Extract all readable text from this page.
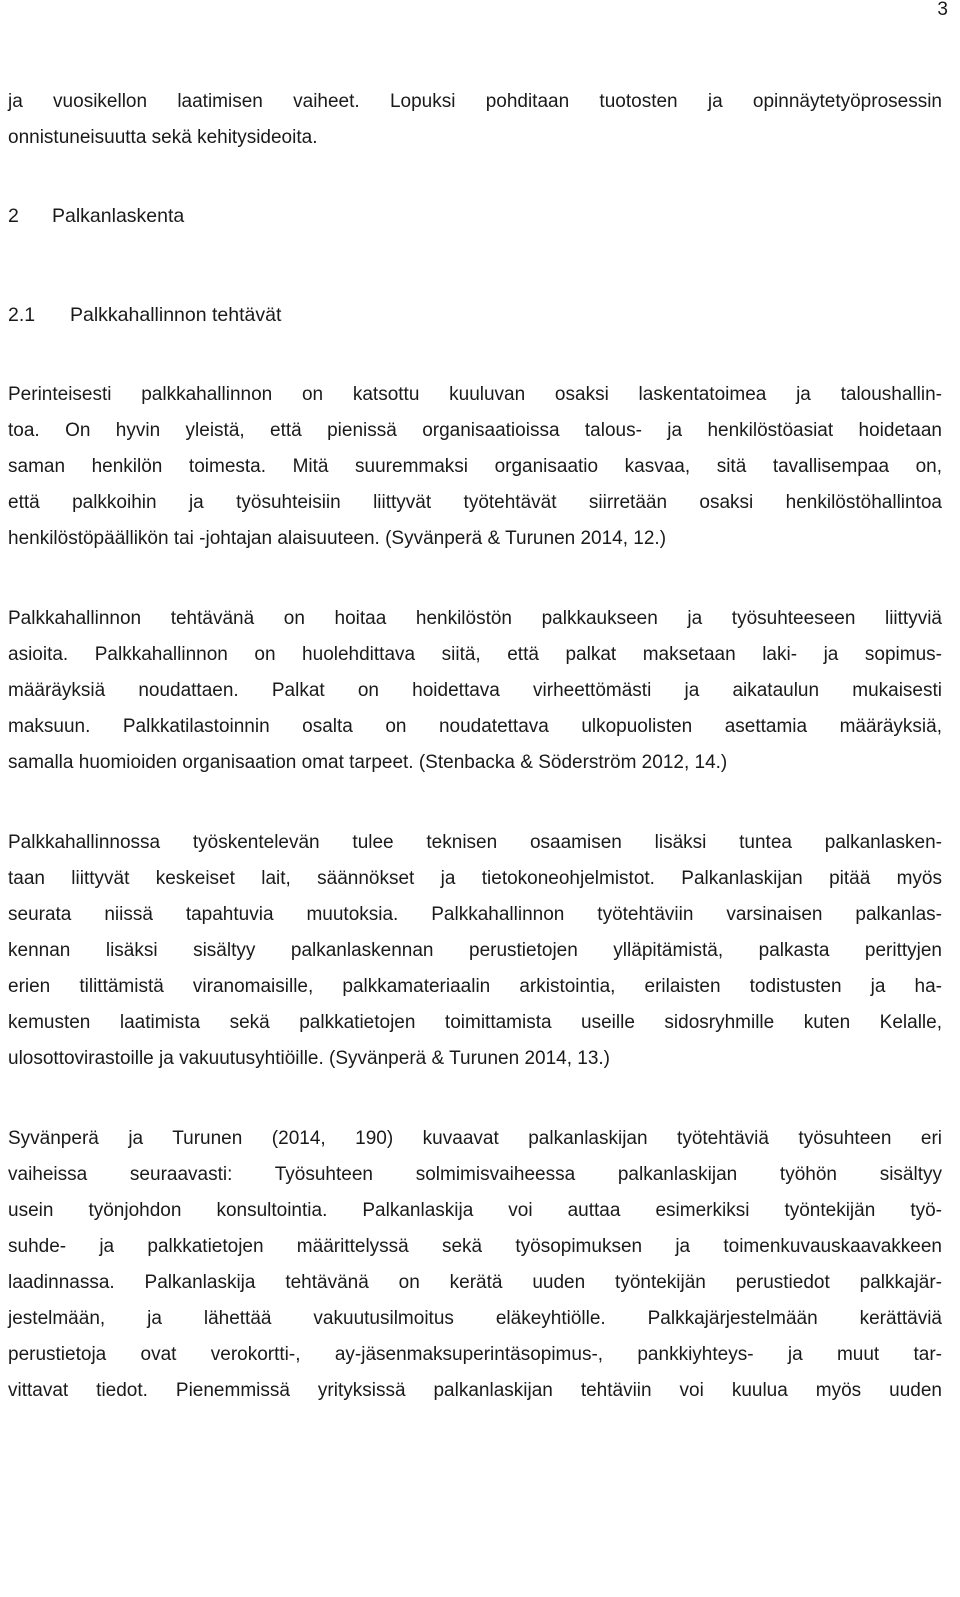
3

ja vuosikellon laatimisen vaiheet. Lopuksi pohditaan tuotosten ja opinnäytetyöprosessin
onnistuneisuutta sekä kehitysideoita.

2 Palkanlaskenta
2.1 Palkkahallinnon tehtävät

Perinteisesti palkkahallinnon on katsottu kuuluvan osaksi laskentatoimea ja taloushallin-
toa. On hyvin yleistä, että pienissä organisaatioissa talous- ja henkilöstöasiat hoidetaan
saman henkilön toimesta. Mitä suuremmaksi organisaatio kasvaa, sitä tavallisempaa on,
että palkkoihin ja työsuhteisiin liittyvät työtehtävät siirretään osaksi henkilöstöhallintoa
henkilöstöpäällikön tai -johtajan alaisuuteen. (Syvänperä & Turunen 2014, 12.)

Palkkahallinnon tehtävänä on hoitaa henkilöstön palkkaukseen ja työsuhteeseen liittyviä
asioita. Palkkahallinnon on huolehdittava siitä, että palkat maksetaan laki- ja sopimus-
määräyksiä noudattaen. Palkat on hoidettava virheettömästi ja aikataulun mukaisesti
maksuun. Palkkatilastoinnin osalta on noudatettava ulkopuolisten asettamia määräyksiä,
samalla huomioiden organisaation omat tarpeet. (Stenbacka & Söderström 2012, 14.)

Palkkahallinnossa työskentelevän tulee teknisen osaamisen lisäksi tuntea palkanlasken-
taan liittyvät keskeiset lait, säännökset ja tietokoneohjelmistot. Palkanlaskijan pitää myös
seurata niissä tapahtuvia muutoksia. Palkkahallinnon työtehtäviin varsinaisen palkanlas-
kennan lisäksi sisältyy palkanlaskennan perustietojen ylläpitämistä, palkasta perittyjen
erien tilittämistä viranomaisille, palkkamateriaalin arkistointia, erilaisten todistusten ja ha-
kemusten laatimista sekä palkkatietojen toimittamista useille sidosryhmille kuten Kelalle,
ulosottovirastoille ja vakuutusyhtiöille. (Syvänperä & Turunen 2014, 13.)

Syvänperä ja Turunen (2014, 190) kuvaavat palkanlaskijan työtehtäviä työsuhteen eri
vaiheissa seuraavasti: Työsuhteen solmimisvaiheessa palkanlaskijan työhön sisältyy
usein työnjohdon konsultointia. Palkanlaskija voi auttaa esimerkiksi työntekijän työ-
suhde- ja palkkatietojen määrittelyssä sekä työsopimuksen ja toimenkuvauskaavakkeen
laadinnassa. Palkanlaskija tehtävänä on kerätä uuden työntekijän perustiedot palkkajär-
jestelmään, ja lähettää vakuutusilmoitus eläkeyhtiölle. Palkkajärjestelmään kerättäviä
perustietoja ovat verokortti-, ay-jäsenmaksuperintäsopimus-, pankkiyhteys- ja muut tar-
vittavat tiedot. Pienemmissä yrityksissä palkanlaskijan tehtäviin voi kuulua myös uuden
